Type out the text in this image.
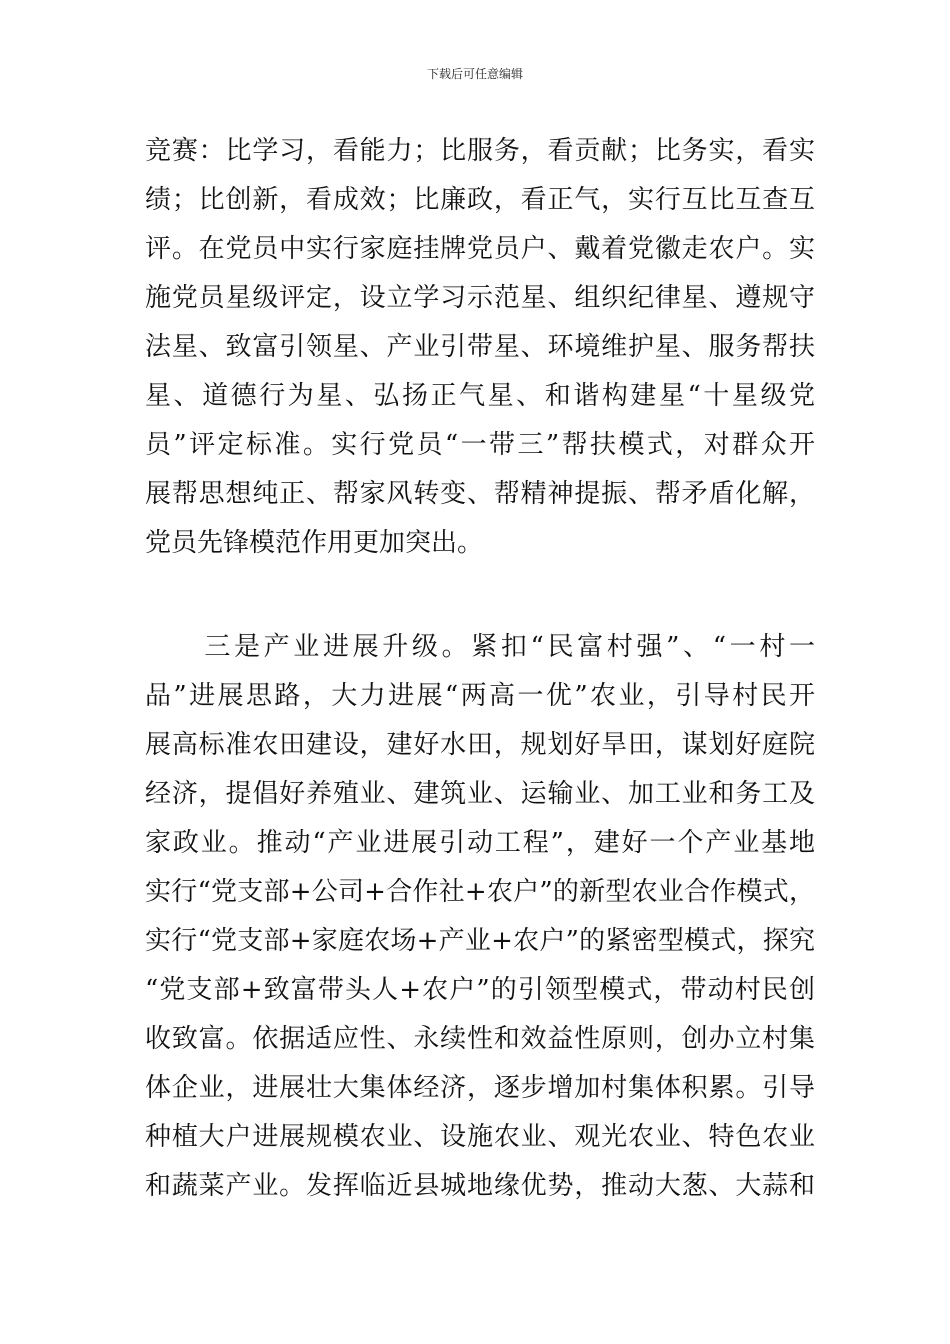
下载后可任意编辑
竞赛：比学习，看能力；比服务，看贡献；比务实，看实
绩；比创新，看成效；比廉政，看正气，实行互比互查互
评。在党员中实行家庭挂牌党员户、戴着党徽走农户。实
施党员星级评定，设立学习示范星、组织纪律星、遵规守
法星、致富引领星、产业引带星、环境维护星、服务帮扶
星、道德行为星、弘扬正气星、和谐构建星“十星级党
员”评定标准。实行党员“一带三”帮扶模式，对群众开
展帮思想纯正、帮家风转变、帮精神提振、帮矛盾化解，
党员先锋模范作用更加突出。
　　三是产业进展升级。紧扣“民富村强”、“一村一
品”进展思路，大力进展“两高一优”农业，引导村民开
展高标准农田建设，建好水田，规划好旱田，谋划好庭院
经济，提倡好养殖业、建筑业、运输业、加工业和务工及
家政业。推动“产业进展引动工程”，建好一个产业基地
实行“党支部+公司+合作社+农户”的新型农业合作模式，
实行“党支部+家庭农场+产业+农户”的紧密型模式，探究
“党支部+致富带头人+农户”的引领型模式，带动村民创
收致富。依据适应性、永续性和效益性原则，创办立村集
体企业，进展壮大集体经济，逐步增加村集体积累。引导
种植大户进展规模农业、设施农业、观光农业、特色农业
和蔬菜产业。发挥临近县城地缘优势，推动大葱、大蒜和
